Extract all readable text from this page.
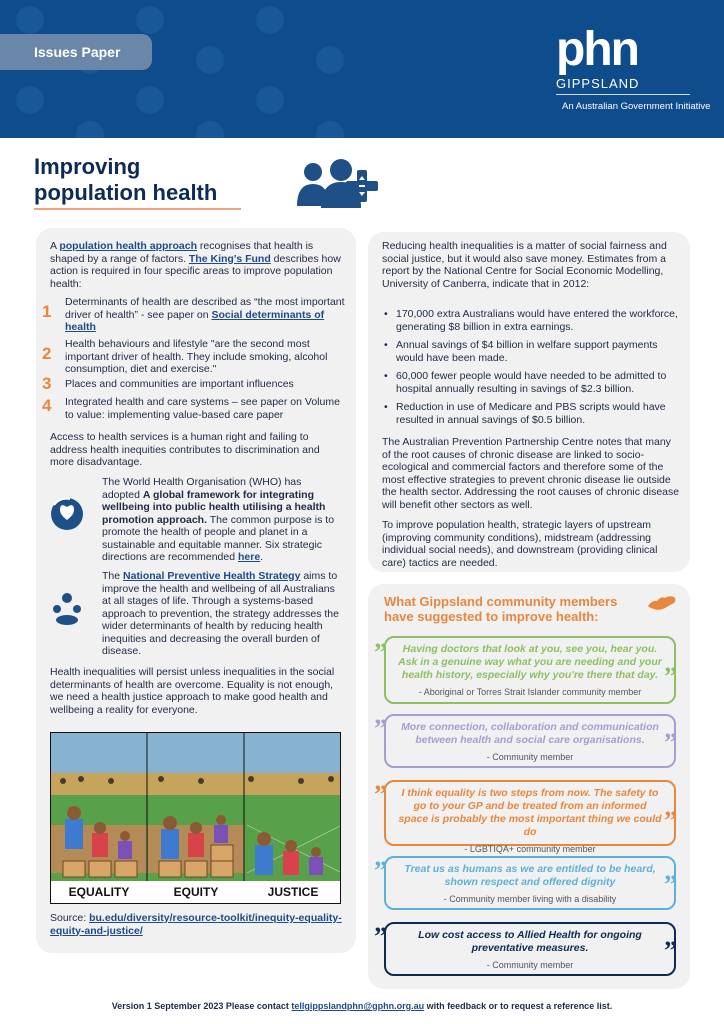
Issues Paper	phn
GIPPSLAND
An Australian Government Initiative
Improving
population health
A population health approach recognises that health is shaped by a range of factors. The King's Fund describes how action is required in four specific areas to improve population health:
1 Determinants of health are described as “the most important driver of health” - see paper on Social determinants of health
2 Health behaviours and lifestyle "are the second most important driver of health. They include smoking, alcohol consumption, diet and exercise."
3 Places and communities are important influences
4 Integrated health and care systems – see paper on Volume to value: implementing value-based care paper
Access to health services is a human right and failing to address health inequities contributes to discrimination and more disadvantage.
The World Health Organisation (WHO) has adopted A global framework for integrating wellbeing into public health utilising a health promotion approach. The common purpose is to promote the health of people and planet in a sustainable and equitable manner. Six strategic directions are recommended here.
The National Preventive Health Strategy aims to improve the health and wellbeing of all Australians at all stages of life. Through a systems-based approach to prevention, the strategy addresses the wider determinants of health by reducing health inequities and decreasing the overall burden of disease.
Health inequalities will persist unless inequalities in the social determinants of health are overcome. Equality is not enough, we need a health justice approach to make good health and wellbeing a reality for everyone.
EQUALITY	EQUITY	JUSTICE
Source: bu.edu/diversity/resource-toolkit/inequity-equality-equity-and-justice/
Reducing health inequalities is a matter of social fairness and social justice, but it would also save money. Estimates from a report by the National Centre for Social Economic Modelling, University of Canberra, indicate that in 2012:
• 170,000 extra Australians would have entered the workforce, generating $8 billion in extra earnings.
• Annual savings of $4 billion in welfare support payments would have been made.
• 60,000 fewer people would have needed to be admitted to hospital annually resulting in savings of $2.3 billion.
• Reduction in use of Medicare and PBS scripts would have resulted in annual savings of $0.5 billion.
The Australian Prevention Partnership Centre notes that many of the root causes of chronic disease are linked to socio-ecological and commercial factors and therefore some of the most effective strategies to prevent chronic disease lie outside the health sector. Addressing the root causes of chronic disease will benefit other sectors as well.
To improve population health, strategic layers of upstream (improving community conditions), midstream (addressing individual social needs), and downstream (providing clinical care) tactics are needed.
What Gippsland community members
have suggested to improve health:
Having doctors that look at you, see you, hear you. Ask in a genuine way what you are needing and your health history, especially why you're there that day.
- Aboriginal or Torres Strait Islander community member
”
”
More connection, collaboration and communication between health and social care organisations.
- Community member
”	”
I think equality is two steps from now. The safety to go to your GP and be treated from an informed space is probably the most important thing we could do
- LGBTIQA+ community member
”
”
Treat us as humans as we are entitled to be heard, shown respect and offered dignity
- Community member living with a disability
”	”
Low cost access to Allied Health for ongoing preventative measures.
- Community member
”	”
Version 1 September 2023 Please contact tellgippslandphn@gphn.org.au with feedback or to request a reference list.
